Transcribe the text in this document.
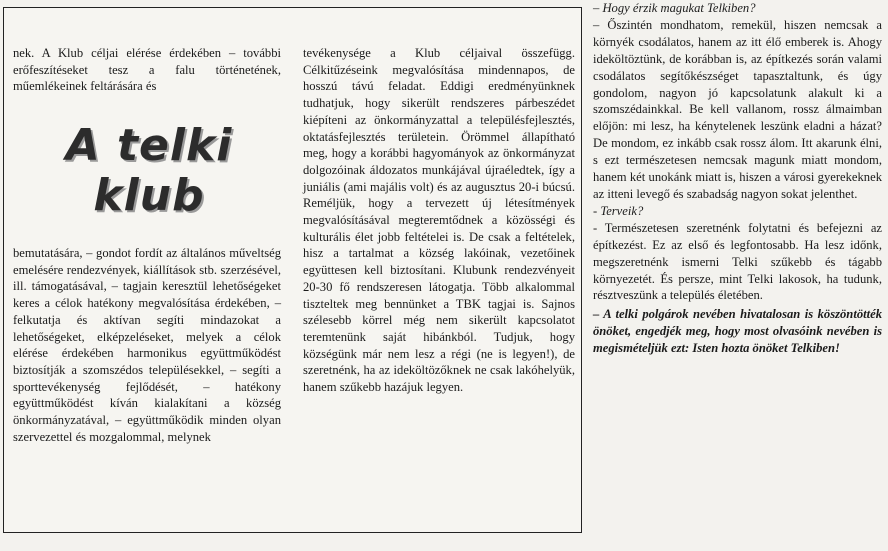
nek. A Klub céljai elérése érdekében – további erőfeszítéseket tesz a falu történetének, műemlékeinek feltárására és

A telki
klub

bemutatására, – gondot fordít az általános műveltség emelésére rendezvények, kiállítások stb. szerzésével, ill. támogatásával, – tagjain keresztül lehetőségeket keres a célok hatékony megvalósítása érdekében, – felkutatja és aktívan segíti mindazokat a lehetőségeket, elképzeléseket, melyek a célok elérése érdekében harmonikus együttműködést biztosítják a szomszédos településekkel, – segíti a sporttevékenység fejlődését, – hatékony együttműködést kíván kialakítani a község önkormányzatával, – együttműködik minden olyan szervezettel és mozgalommal, melynek

tevékenysége a Klub céljaival összefügg. Célkitűzéseink megvalósítása mindennapos, de hosszú távú feladat. Eddigi eredményünknek tudhatjuk, hogy sikerült rendszeres párbeszédet kiépíteni az önkormányzattal a településfejlesztés, oktatásfejlesztés területein. Örömmel állapítható meg, hogy a korábbi hagyományok az önkormányzat dolgozóinak áldozatos munkájával újraéledtek, így a juniális (ami majális volt) és az augusztus 20-i búcsú. Reméljük, hogy a tervezett új létesítmények megvalósításával megteremtődnek a közösségi és kulturális élet jobb feltételei is. De csak a feltételek, hisz a tartalmat a község lakóinak, vezetőinek együttesen kell biztosítani. Klubunk rendezvényeit 20-30 fő rendszeresen látogatja. Több alkalommal tiszteltek meg bennünket a TBK tagjai is. Sajnos szélesebb körrel még nem sikerült kapcsolatot teremtenünk saját hibánkból. Tudjuk, hogy községünk már nem lesz a régi (ne is legyen!), de szeretnénk, ha az ideköltözőknek ne csak lakóhelyük, hanem szűkebb hazájuk legyen.

– Hogy érzik magukat Telkiben?

– Őszintén mondhatom, remekül, hiszen nemcsak a környék csodálatos, hanem az itt élő emberek is. Ahogy ideköltöztünk, de korábban is, az építkezés során valami csodálatos segítőkészséget tapasztaltunk, és úgy gondolom, nagyon jó kapcsolatunk alakult ki a szomszédainkkal. Be kell vallanom, rossz álmaimban előjön: mi lesz, ha kénytelenek leszünk eladni a házat? De mondom, ez inkább csak rossz álom. Itt akarunk élni, s ezt természetesen nemcsak magunk miatt mondom, hanem két unokánk miatt is, hiszen a városi gyerekeknek az itteni levegő és szabadság nagyon sokat jelenthet.

- Terveik?

- Természetesen szeretnénk folytatni és befejezni az építkezést. Ez az első és legfontosabb. Ha lesz időnk, megszeretnénk ismerni Telki szűkebb és tágabb környezetét. És persze, mint Telki lakosok, ha tudunk, résztveszünk a település életében.

– A telki polgárok nevében hivatalosan is köszöntötték önöket, engedjék meg, hogy most olvasóink nevében is megismételjük ezt: Isten hozta önöket Telkiben!
